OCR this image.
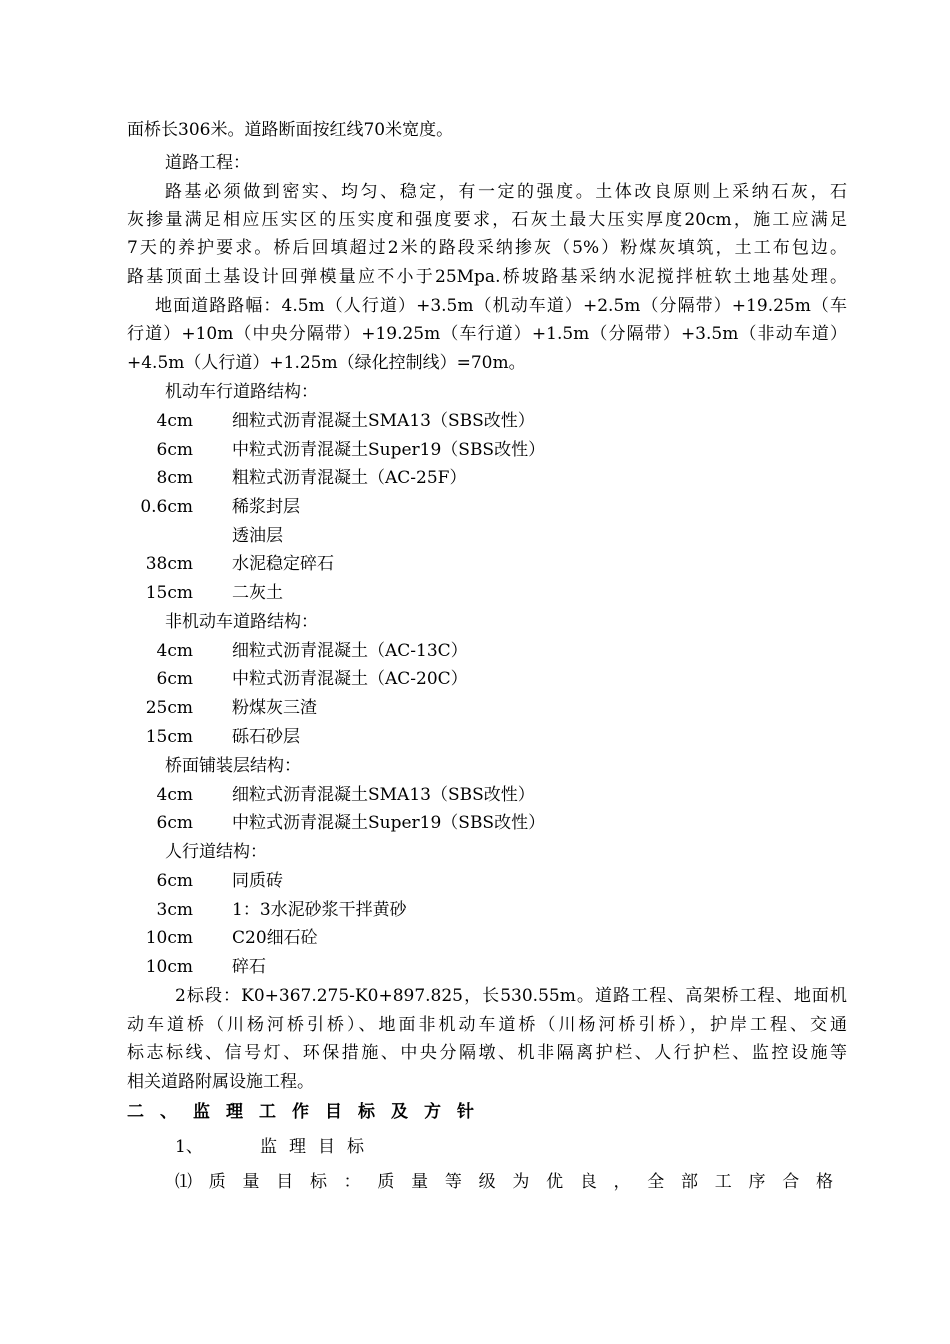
面桥长306米。道路断面按红线70米宽度。
道路工程：
路基必须做到密实、均匀、稳定，有一定的强度。土体改良原则上采纳石灰，石
灰掺量满足相应压实区的压实度和强度要求，石灰土最大压实厚度20cm，施工应满足
7天的养护要求。桥后回填超过2米的路段采纳掺灰（5%）粉煤灰填筑，土工布包边。
路基顶面土基设计回弹模量应不小于25Mpa.桥坡路基采纳水泥搅拌桩软土地基处理。
地面道路路幅：4.5m（人行道）+3.5m（机动车道）+2.5m（分隔带）+19.25m（车
行道）+10m（中央分隔带）+19.25m（车行道）+1.5m（分隔带）+3.5m（非动车道）
+4.5m（人行道）+1.25m（绿化控制线）=70m。
机动车行道路结构：
4cm 细粒式沥青混凝土SMA13（SBS改性）
6cm 中粒式沥青混凝土Super19（SBS改性）
8cm 粗粒式沥青混凝土（AC-25F）
0.6cm 稀浆封层
透油层
38cm 水泥稳定碎石
15cm 二灰土
非机动车道路结构：
4cm 细粒式沥青混凝土（AC-13C）
6cm 中粒式沥青混凝土（AC-20C）
25cm 粉煤灰三渣
15cm 砾石砂层
桥面铺装层结构：
4cm 细粒式沥青混凝土SMA13（SBS改性）
6cm 中粒式沥青混凝土Super19（SBS改性）
人行道结构：
6cm 同质砖
3cm 1：3水泥砂浆干拌黄砂
10cm C20细石砼
10cm 碎石
2标段：K0+367.275-K0+897.825，长530.55m。道路工程、高架桥工程、地面机
动车道桥（川杨河桥引桥）、地面非机动车道桥（川杨河桥引桥），护岸工程、交通
标志标线、信号灯、环保措施、中央分隔墩、机非隔离护栏、人行护栏、监控设施等
相关道路附属设施工程。
二、监理工作目标及方针
1、	监理目标
⑴ 质 量 目 标 ： 质 量 等 级 为 优 良 ， 全 部 工 序 合 格
